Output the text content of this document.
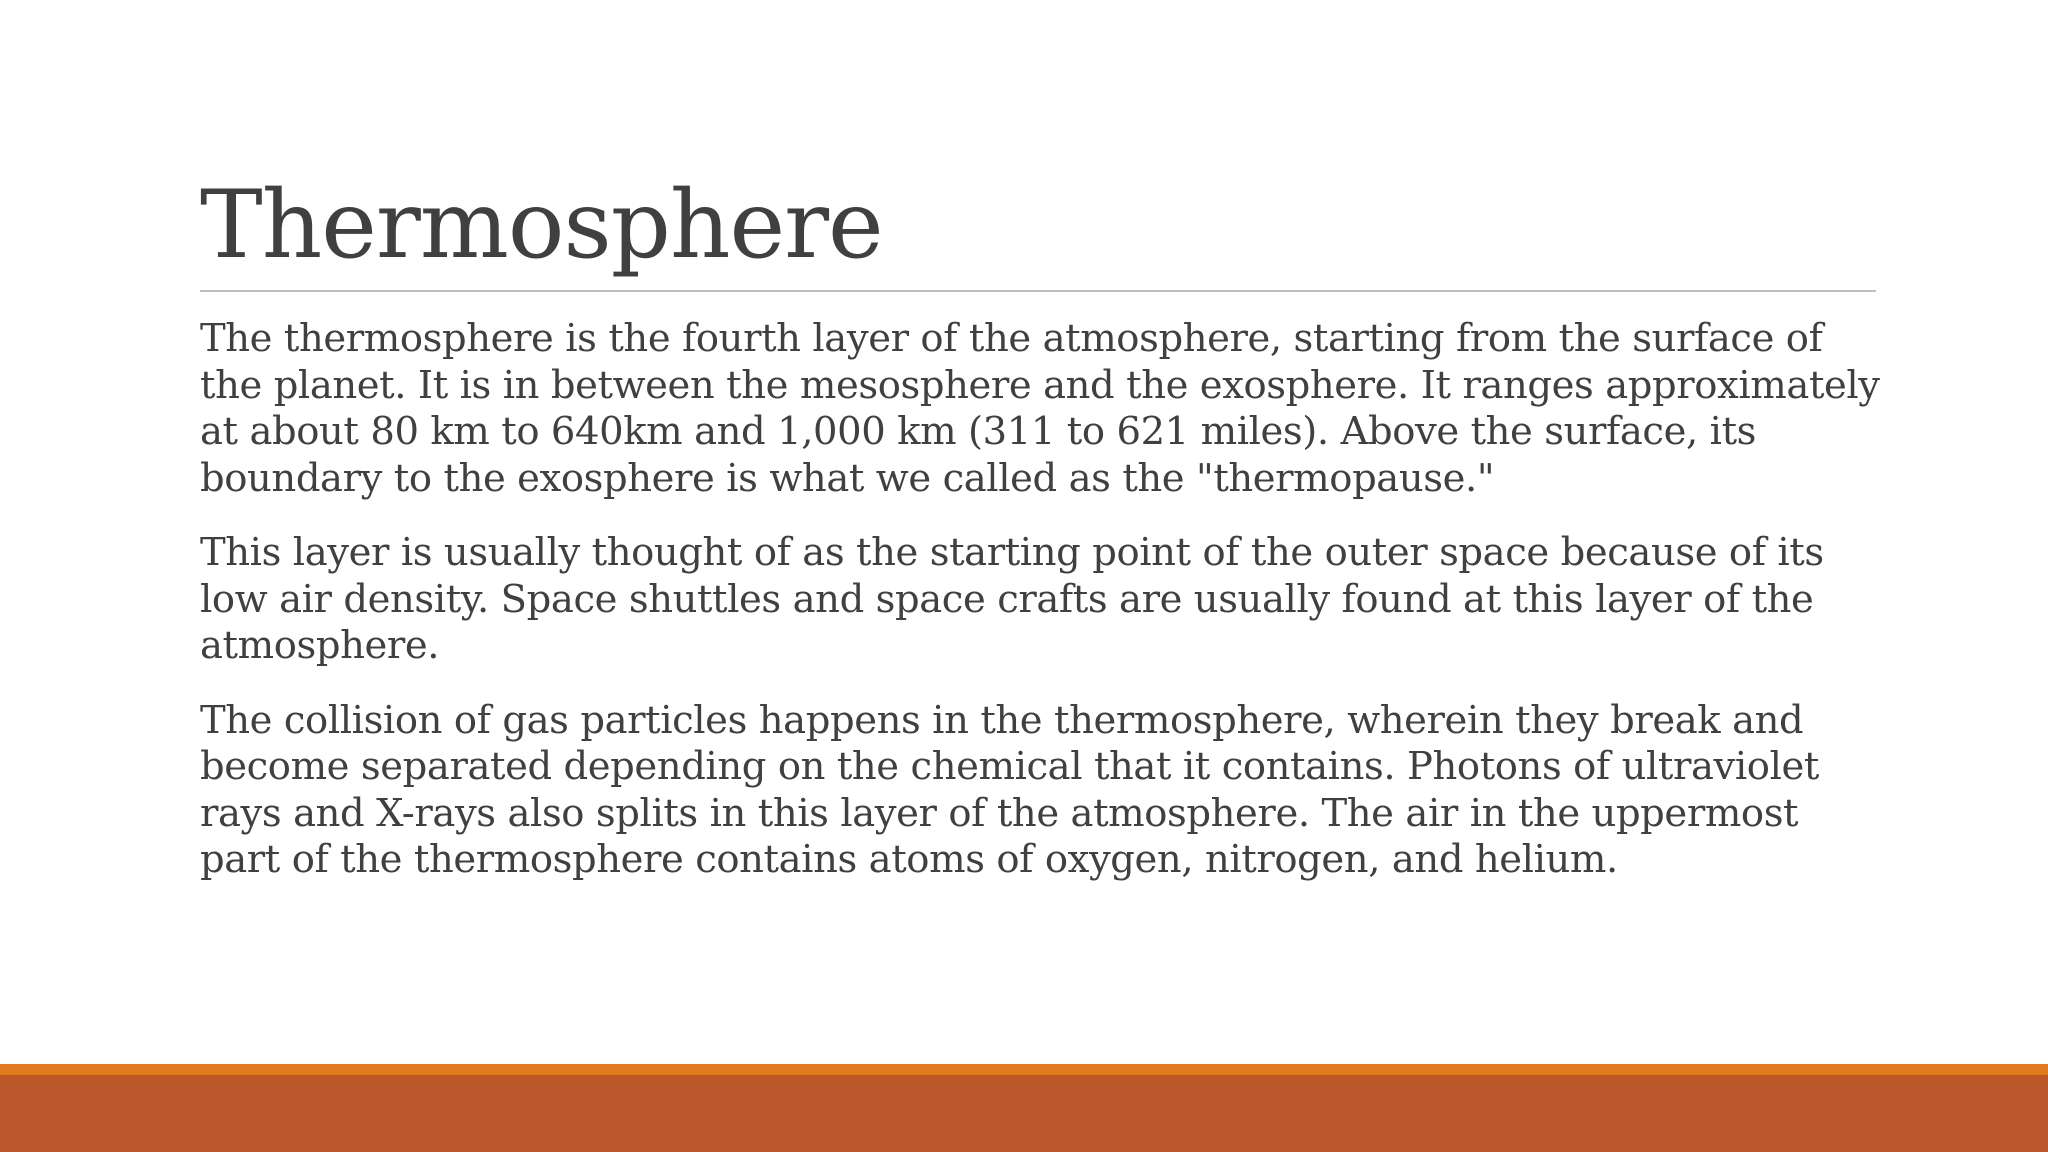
Thermosphere

The thermosphere is the fourth layer of the atmosphere, starting from the surface of the planet. It is in between the mesosphere and the exosphere. It ranges approximately at about 80 km to 640km and 1,000 km (311 to 621 miles). Above the surface, its boundary to the exosphere is what we called as the "thermopause."

This layer is usually thought of as the starting point of the outer space because of its low air density. Space shuttles and space crafts are usually found at this layer of the atmosphere.

The collision of gas particles happens in the thermosphere, wherein they break and become separated depending on the chemical that it contains. Photons of ultraviolet rays and X-rays also splits in this layer of the atmosphere. The air in the uppermost part of the thermosphere contains atoms of oxygen, nitrogen, and helium.
